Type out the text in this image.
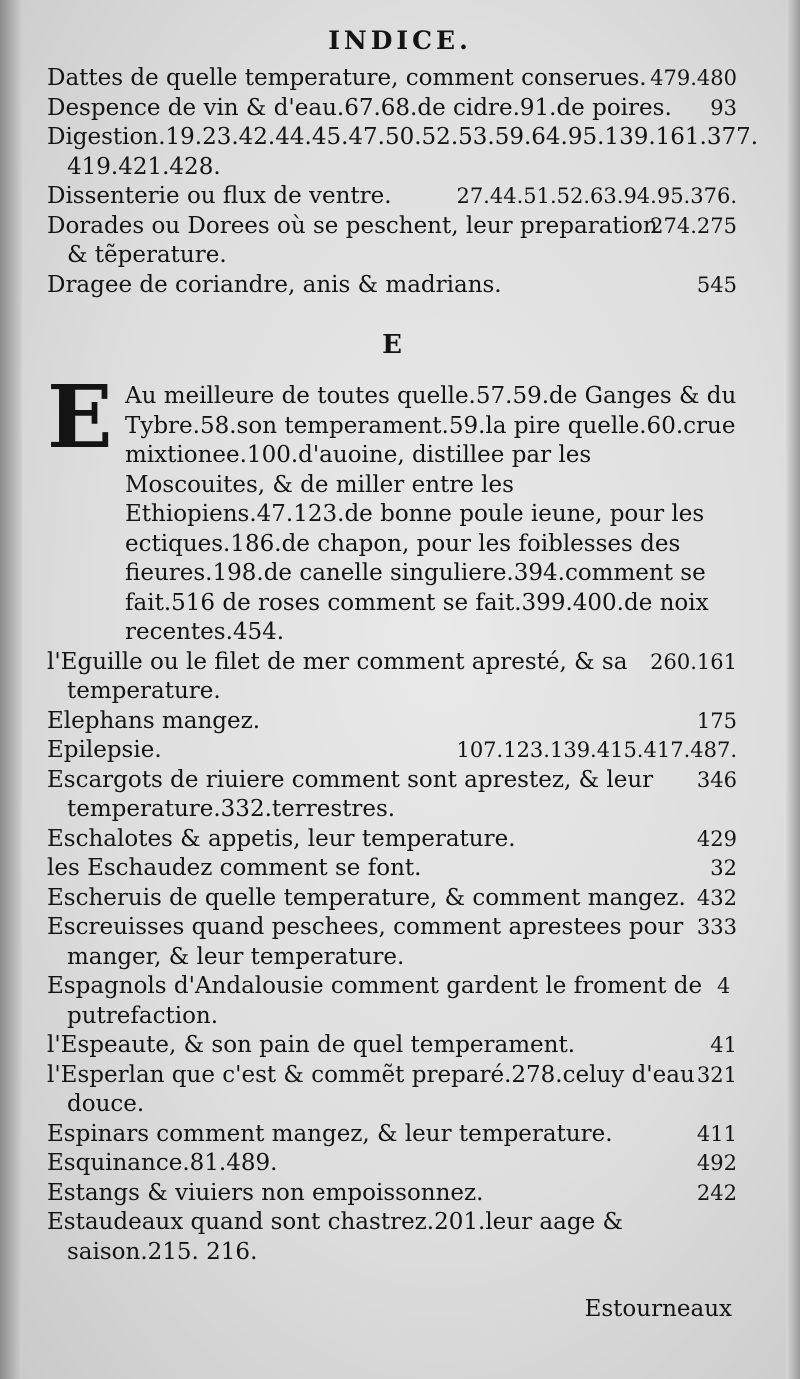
INDICE.

479.480
Dattes de quelle temperature, comment conserues.

93
Despence de vin & d'eau.67.68.de cidre.91.de poires.

Digestion.19.23.42.44.45.47.50.52.53.59.64.95.139.161.377. 419.421.428.

27.44.51.52.63.94.95.376.
Dissenterie ou flux de ventre.

274.275
Dorades ou Dorees où se peschent, leur preparation & tẽperature.

545
Dragee de coriandre, anis & madrians.

E

E Au meilleure de toutes quelle.57.59.de Ganges & du Tybre.58.son temperament.59.la pire quelle.60.crue mixtionee.100.d'auoine, distillee par les Moscouites, & de miller entre les Ethiopiens.47.123.de bonne poule ieune, pour les ectiques.186.de chapon, pour les foiblesses des fieures.198.de canelle singuliere.394.comment se fait.516 de roses comment se fait.399.400.de noix recentes.454.

260.161
l'Eguille ou le filet de mer comment apresté, & sa temperature.

175
Elephans mangez.

107.123.139.415.417.487.
Epilepsie.

346
Escargots de riuiere comment sont aprestez, & leur temperature.332.terrestres.

429
Eschalotes & appetis, leur temperature.

32
les Eschaudez comment se font.

432
Escheruis de quelle temperature, & comment mangez.

333
Escreuisses quand peschees, comment aprestees pour manger, & leur temperature.

4
Espagnols d'Andalousie comment gardent le froment de putrefaction.

41
l'Espeaute, & son pain de quel temperament.

321
l'Esperlan que c'est & commẽt preparé.278.celuy d'eau douce.

411
Espinars comment mangez, & leur temperature.

492
Esquinance.81.489.

242
Estangs & viuiers non empoissonnez.

Estaudeaux quand sont chastrez.201.leur aage & saison.215. 216.

Estourneaux
